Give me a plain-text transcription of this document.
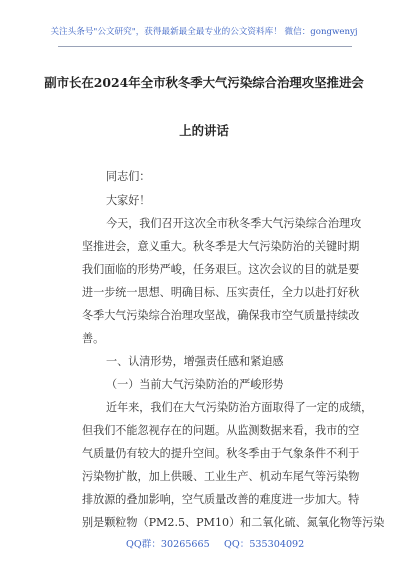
关注头条号"公文研究"，获得最新最全最专业的公文资料库！ 微信：gongwenyj
副市长在2024年全市秋冬季大气污染综合治理攻坚推进会
上的讲话
同志们：
大家好！
今天，我们召开这次全市秋冬季大气污染综合治理攻
坚推进会，意义重大。秋冬季是大气污染防治的关键时期
我们面临的形势严峻，任务艰巨。这次会议的目的就是要
进一步统一思想、明确目标、压实责任，全力以赴打好秋
冬季大气污染综合治理攻坚战，确保我市空气质量持续改
善。
一、认清形势，增强责任感和紧迫感
（一）当前大气污染防治的严峻形势
近年来，我们在大气污染防治方面取得了一定的成绩，
但我们不能忽视存在的问题。从监测数据来看，我市的空
气质量仍有较大的提升空间。秋冬季由于气象条件不利于
污染物扩散，加上供暖、工业生产、机动车尾气等污染物
排放源的叠加影响，空气质量改善的难度进一步加大。特
别是颗粒物（PM2.5、PM10）和二氧化硫、氮氧化物等污染
QQ群：30265665 QQ：535304092
